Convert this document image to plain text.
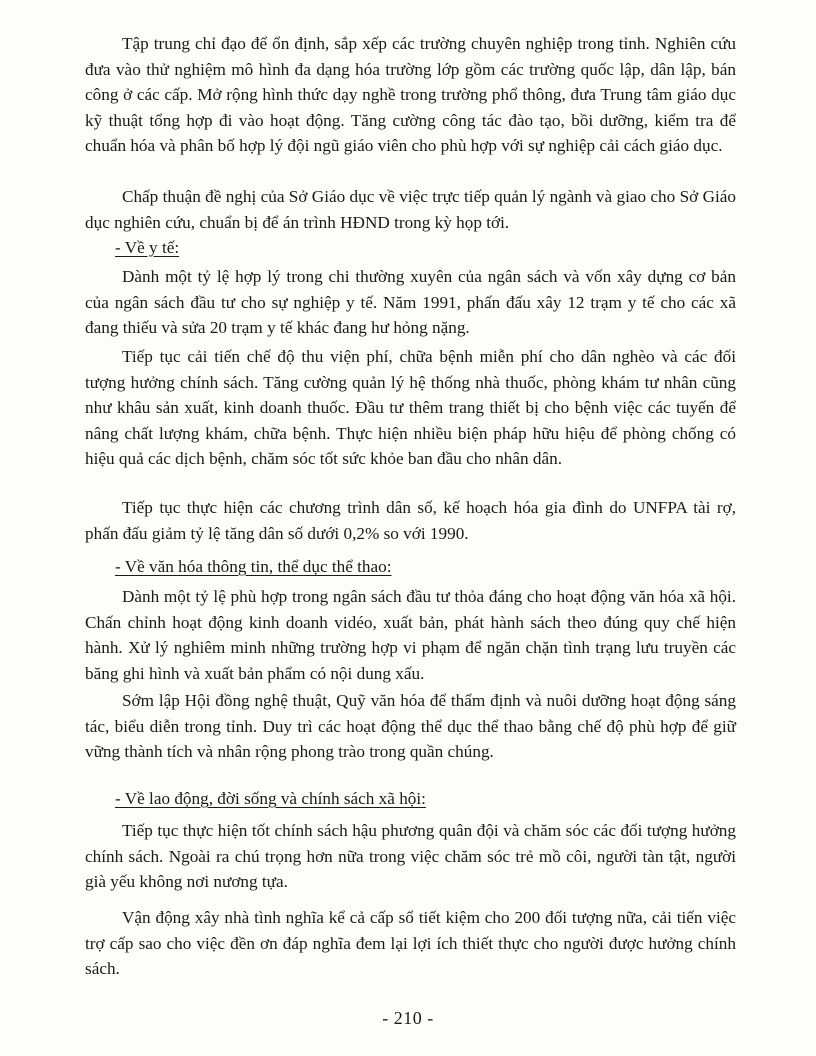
Tập trung chỉ đạo để ổn định, sắp xếp các trường chuyên nghiệp trong tỉnh. Nghiên cứu đưa vào thử nghiệm mô hình đa dạng hóa trường lớp gồm các trường quốc lập, dân lập, bán công ở các cấp. Mở rộng hình thức dạy nghề trong trường phổ thông, đưa Trung tâm giáo dục kỹ thuật tổng hợp đi vào hoạt động. Tăng cường công tác đào tạo, bồi dưỡng, kiểm tra để chuẩn hóa và phân bố hợp lý đội ngũ giáo viên cho phù hợp với sự nghiệp cải cách giáo dục.

Chấp thuận đề nghị của Sở Giáo dục về việc trực tiếp quản lý ngành và giao cho Sở Giáo dục nghiên cứu, chuẩn bị để án trình HĐND trong kỳ họp tới.

- Về y tế:

Dành một tỷ lệ hợp lý trong chi thường xuyên của ngân sách và vốn xây dựng cơ bản của ngân sách đầu tư cho sự nghiệp y tế. Năm 1991, phấn đấu xây 12 trạm y tế cho các xã đang thiếu và sửa 20 trạm y tế khác đang hư hỏng nặng.

Tiếp tục cải tiến chế độ thu viện phí, chữa bệnh miễn phí cho dân nghèo và các đối tượng hưởng chính sách. Tăng cường quản lý hệ thống nhà thuốc, phòng khám tư nhân cũng như khâu sản xuất, kinh doanh thuốc. Đầu tư thêm trang thiết bị cho bệnh việc các tuyến để nâng chất lượng khám, chữa bệnh. Thực hiện nhiều biện pháp hữu hiệu để phòng chống có hiệu quả các dịch bệnh, chăm sóc tốt sức khỏe ban đầu cho nhân dân.

Tiếp tục thực hiện các chương trình dân số, kế hoạch hóa gia đình do UNFPA tài rợ, phấn đấu giảm tỷ lệ tăng dân số dưới 0,2% so với 1990.

- Về văn hóa thông tin, thể dục thể thao:

Dành một tỷ lệ phù hợp trong ngân sách đầu tư thỏa đáng cho hoạt động văn hóa xã hội. Chấn chỉnh hoạt động kinh doanh vidéo, xuất bản, phát hành sách theo đúng quy chế hiện hành. Xử lý nghiêm minh những trường hợp vi phạm để ngăn chặn tình trạng lưu truyền các băng ghi hình và xuất bản phẩm có nội dung xấu.

Sớm lập Hội đồng nghệ thuật, Quỹ văn hóa để thẩm định và nuôi dưỡng hoạt động sáng tác, biểu diễn trong tỉnh. Duy trì các hoạt động thể dục thể thao bằng chế độ phù hợp để giữ vững thành tích và nhân rộng phong trào trong quần chúng.

- Về lao động, đời sống và chính sách xã hội:

Tiếp tục thực hiện tốt chính sách hậu phương quân đội và chăm sóc các đối tượng hưởng chính sách. Ngoài ra chú trọng hơn nữa trong việc chăm sóc trẻ mồ côi, người tàn tật, người già yếu không nơi nương tựa.

Vận động xây nhà tình nghĩa kể cả cấp sổ tiết kiệm cho 200 đối tượng nữa, cải tiến việc trợ cấp sao cho việc đền ơn đáp nghĩa đem lại lợi ích thiết thực cho người được hưởng chính sách.

- 210 -
